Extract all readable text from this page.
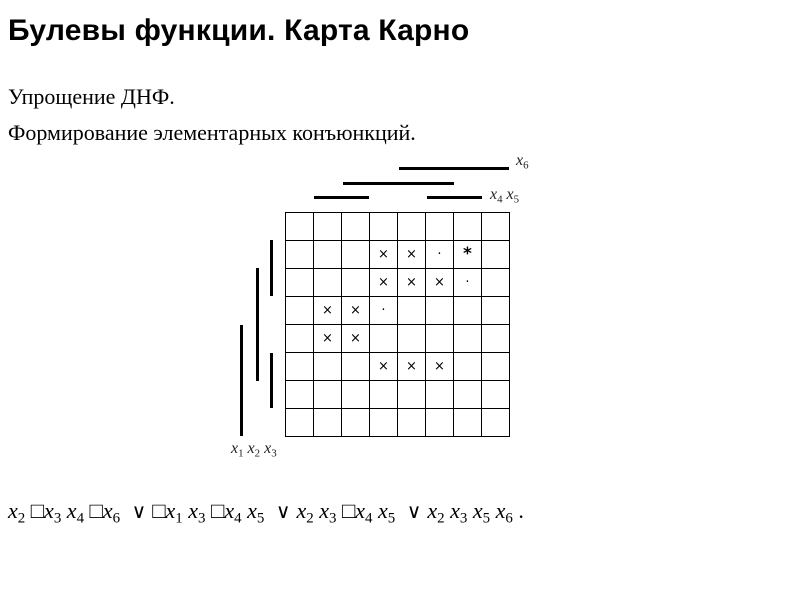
Булевы функции. Карта Карно
Упрощение ДНФ.
Формирование элементарных конъюнкций.
$x_6$
$x_4$ $x_5$
$x_1$ $x_2$ $x_3$

			×	×	·	*	
			×	×	×	·	
	×	×	·				
	×	×					
			×	×	×		

$x_2$ $□x_3$ $x_4$ $□x_6$ ∨ $□x_1$ $x_3$ $□x_4$ $x_5$ ∨ $x_2$ $x_3$ $□x_4$ $x_5$ ∨ $x_2$ $x_3$ $x_5$ $x_6$ .
